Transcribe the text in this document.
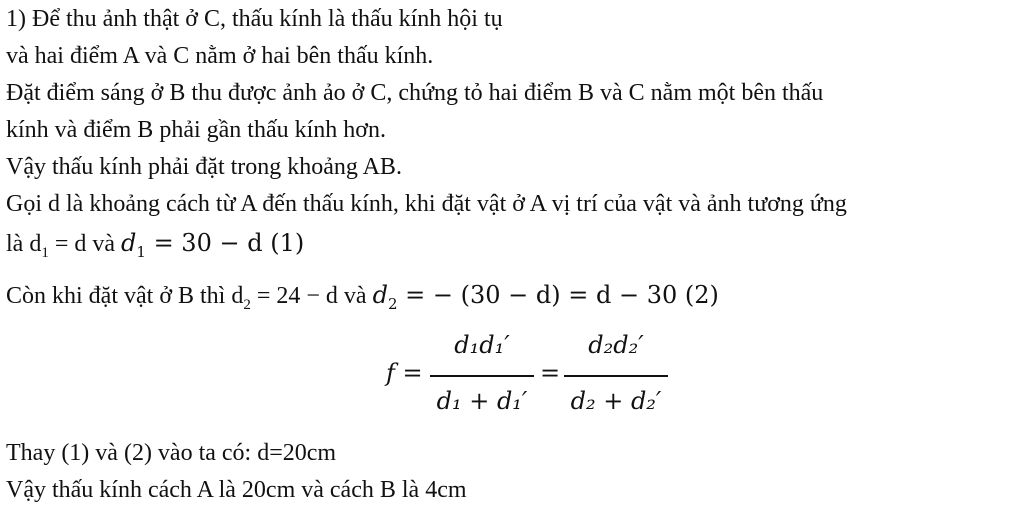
1) Để thu ảnh thật ở C, thấu kính là thấu kính hội tụ
và hai điểm A và C nằm ở hai bên thấu kính.
Đặt điểm sáng ở B thu được ảnh ảo ở C, chứng tỏ hai điểm B và C nằm một bên thấu
kính và điểm B phải gần thấu kính hơn.
Vậy thấu kính phải đặt trong khoảng AB.
Gọi d là khoảng cách từ A đến thấu kính, khi đặt vật ở A vị trí của vật và ảnh tương ứng
là $d_1 = d$ và $d_1 = 30 - d$ (1)
Còn khi đặt vật ở B thì $d_2 = 24 - d$ và $d_2$ = − (30 − d) = d − 30 (2)
f =
d₁d₁′
d₁ + d₁′
=
d₂d₂′
d₂ + d₂′
Thay (1) và (2) vào ta có: d=20cm
Vậy thấu kính cách A là 20cm và cách B là 4cm
